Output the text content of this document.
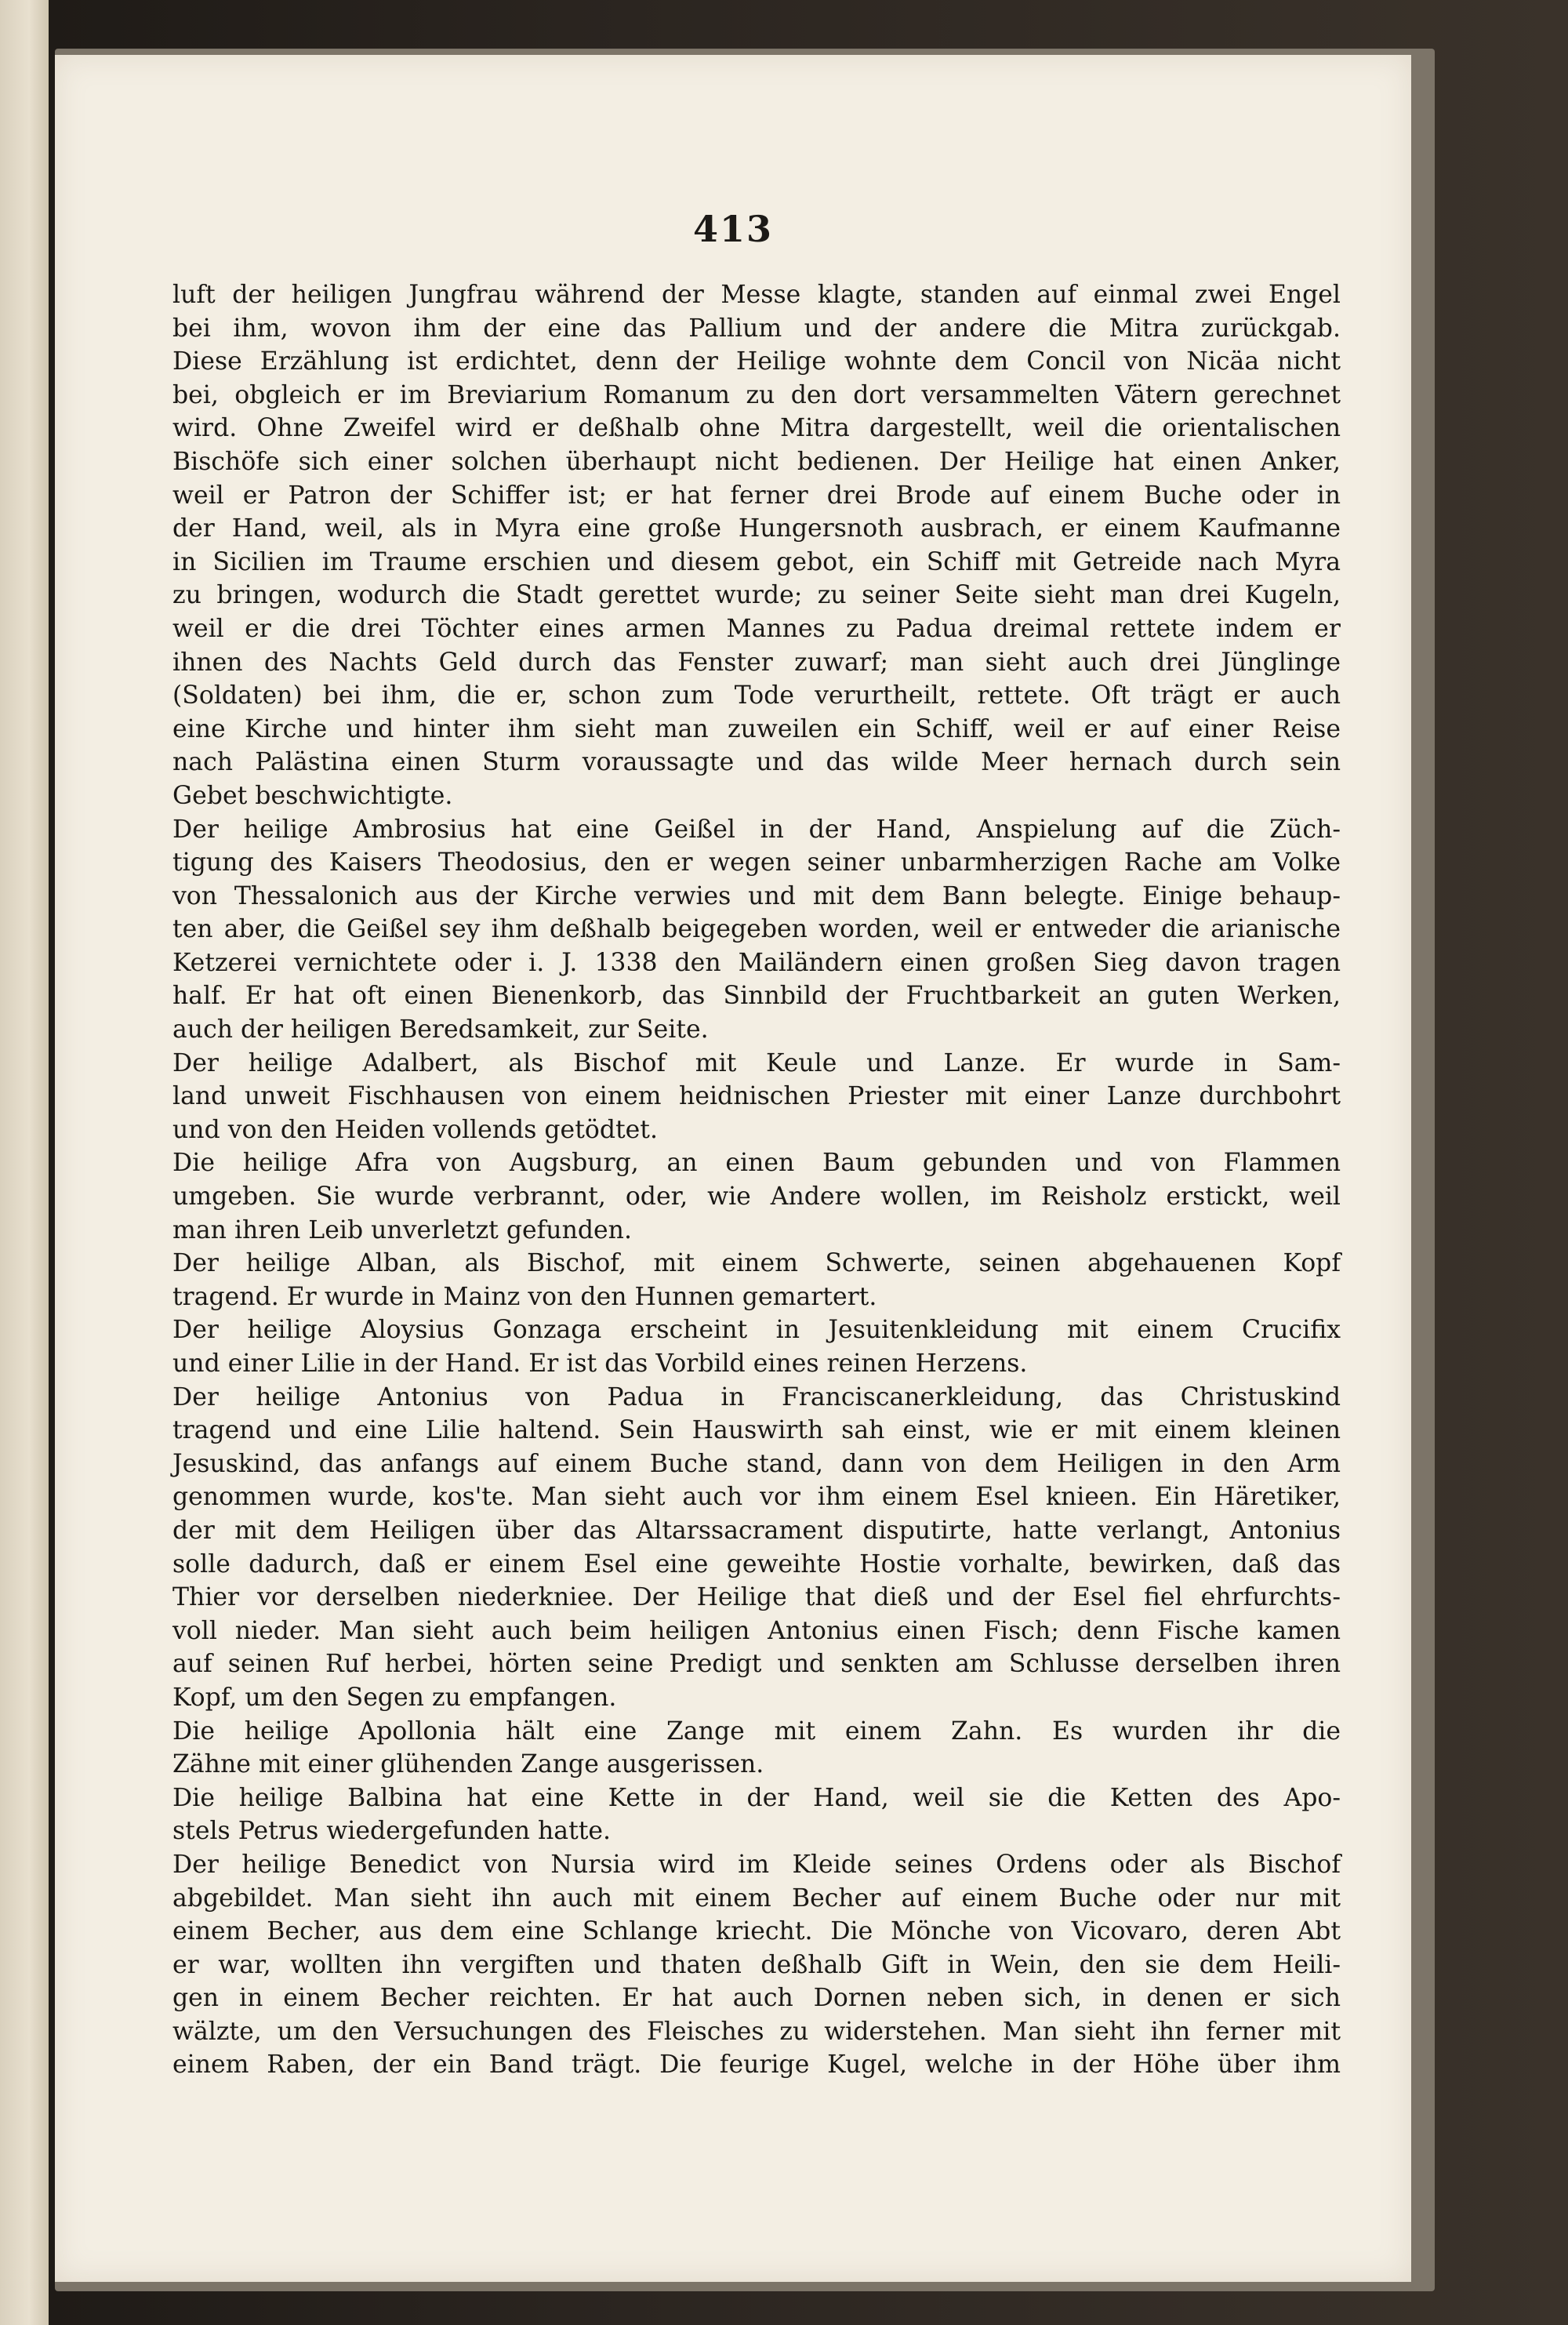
413
luft der heiligen Jungfrau während der Messe klagte, standen auf einmal zwei Engel
bei ihm, wovon ihm der eine das Pallium und der andere die Mitra zurückgab.
Diese Erzählung ist erdichtet, denn der Heilige wohnte dem Concil von Nicäa nicht
bei, obgleich er im Breviarium Romanum zu den dort versammelten Vätern gerechnet
wird. Ohne Zweifel wird er deßhalb ohne Mitra dargestellt, weil die orientalischen
Bischöfe sich einer solchen überhaupt nicht bedienen. Der Heilige hat einen Anker,
weil er Patron der Schiffer ist; er hat ferner drei Brode auf einem Buche oder in
der Hand, weil, als in Myra eine große Hungersnoth ausbrach, er einem Kaufmanne
in Sicilien im Traume erschien und diesem gebot, ein Schiff mit Getreide nach Myra
zu bringen, wodurch die Stadt gerettet wurde; zu seiner Seite sieht man drei Kugeln,
weil er die drei Töchter eines armen Mannes zu Padua dreimal rettete indem er
ihnen des Nachts Geld durch das Fenster zuwarf; man sieht auch drei Jünglinge
(Soldaten) bei ihm, die er, schon zum Tode verurtheilt, rettete. Oft trägt er auch
eine Kirche und hinter ihm sieht man zuweilen ein Schiff, weil er auf einer Reise
nach Palästina einen Sturm voraussagte und das wilde Meer hernach durch sein
Gebet beschwichtigte.
Der heilige Ambrosius hat eine Geißel in der Hand, Anspielung auf die Züch-
tigung des Kaisers Theodosius, den er wegen seiner unbarmherzigen Rache am Volke
von Thessalonich aus der Kirche verwies und mit dem Bann belegte. Einige behaup-
ten aber, die Geißel sey ihm deßhalb beigegeben worden, weil er entweder die arianische
Ketzerei vernichtete oder i. J. 1338 den Mailändern einen großen Sieg davon tragen
half. Er hat oft einen Bienenkorb, das Sinnbild der Fruchtbarkeit an guten Werken,
auch der heiligen Beredsamkeit, zur Seite.
Der heilige Adalbert, als Bischof mit Keule und Lanze. Er wurde in Sam-
land unweit Fischhausen von einem heidnischen Priester mit einer Lanze durchbohrt
und von den Heiden vollends getödtet.
Die heilige Afra von Augsburg, an einen Baum gebunden und von Flammen
umgeben. Sie wurde verbrannt, oder, wie Andere wollen, im Reisholz erstickt, weil
man ihren Leib unverletzt gefunden.
Der heilige Alban, als Bischof, mit einem Schwerte, seinen abgehauenen Kopf
tragend. Er wurde in Mainz von den Hunnen gemartert.
Der heilige Aloysius Gonzaga erscheint in Jesuitenkleidung mit einem Crucifix
und einer Lilie in der Hand. Er ist das Vorbild eines reinen Herzens.
Der heilige Antonius von Padua in Franciscanerkleidung, das Christuskind
tragend und eine Lilie haltend. Sein Hauswirth sah einst, wie er mit einem kleinen
Jesuskind, das anfangs auf einem Buche stand, dann von dem Heiligen in den Arm
genommen wurde, kos'te. Man sieht auch vor ihm einem Esel knieen. Ein Häretiker,
der mit dem Heiligen über das Altarssacrament disputirte, hatte verlangt, Antonius
solle dadurch, daß er einem Esel eine geweihte Hostie vorhalte, bewirken, daß das
Thier vor derselben niederkniee. Der Heilige that dieß und der Esel fiel ehrfurchts-
voll nieder. Man sieht auch beim heiligen Antonius einen Fisch; denn Fische kamen
auf seinen Ruf herbei, hörten seine Predigt und senkten am Schlusse derselben ihren
Kopf, um den Segen zu empfangen.
Die heilige Apollonia hält eine Zange mit einem Zahn. Es wurden ihr die
Zähne mit einer glühenden Zange ausgerissen.
Die heilige Balbina hat eine Kette in der Hand, weil sie die Ketten des Apo-
stels Petrus wiedergefunden hatte.
Der heilige Benedict von Nursia wird im Kleide seines Ordens oder als Bischof
abgebildet. Man sieht ihn auch mit einem Becher auf einem Buche oder nur mit
einem Becher, aus dem eine Schlange kriecht. Die Mönche von Vicovaro, deren Abt
er war, wollten ihn vergiften und thaten deßhalb Gift in Wein, den sie dem Heili-
gen in einem Becher reichten. Er hat auch Dornen neben sich, in denen er sich
wälzte, um den Versuchungen des Fleisches zu widerstehen. Man sieht ihn ferner mit
einem Raben, der ein Band trägt. Die feurige Kugel, welche in der Höhe über ihm
